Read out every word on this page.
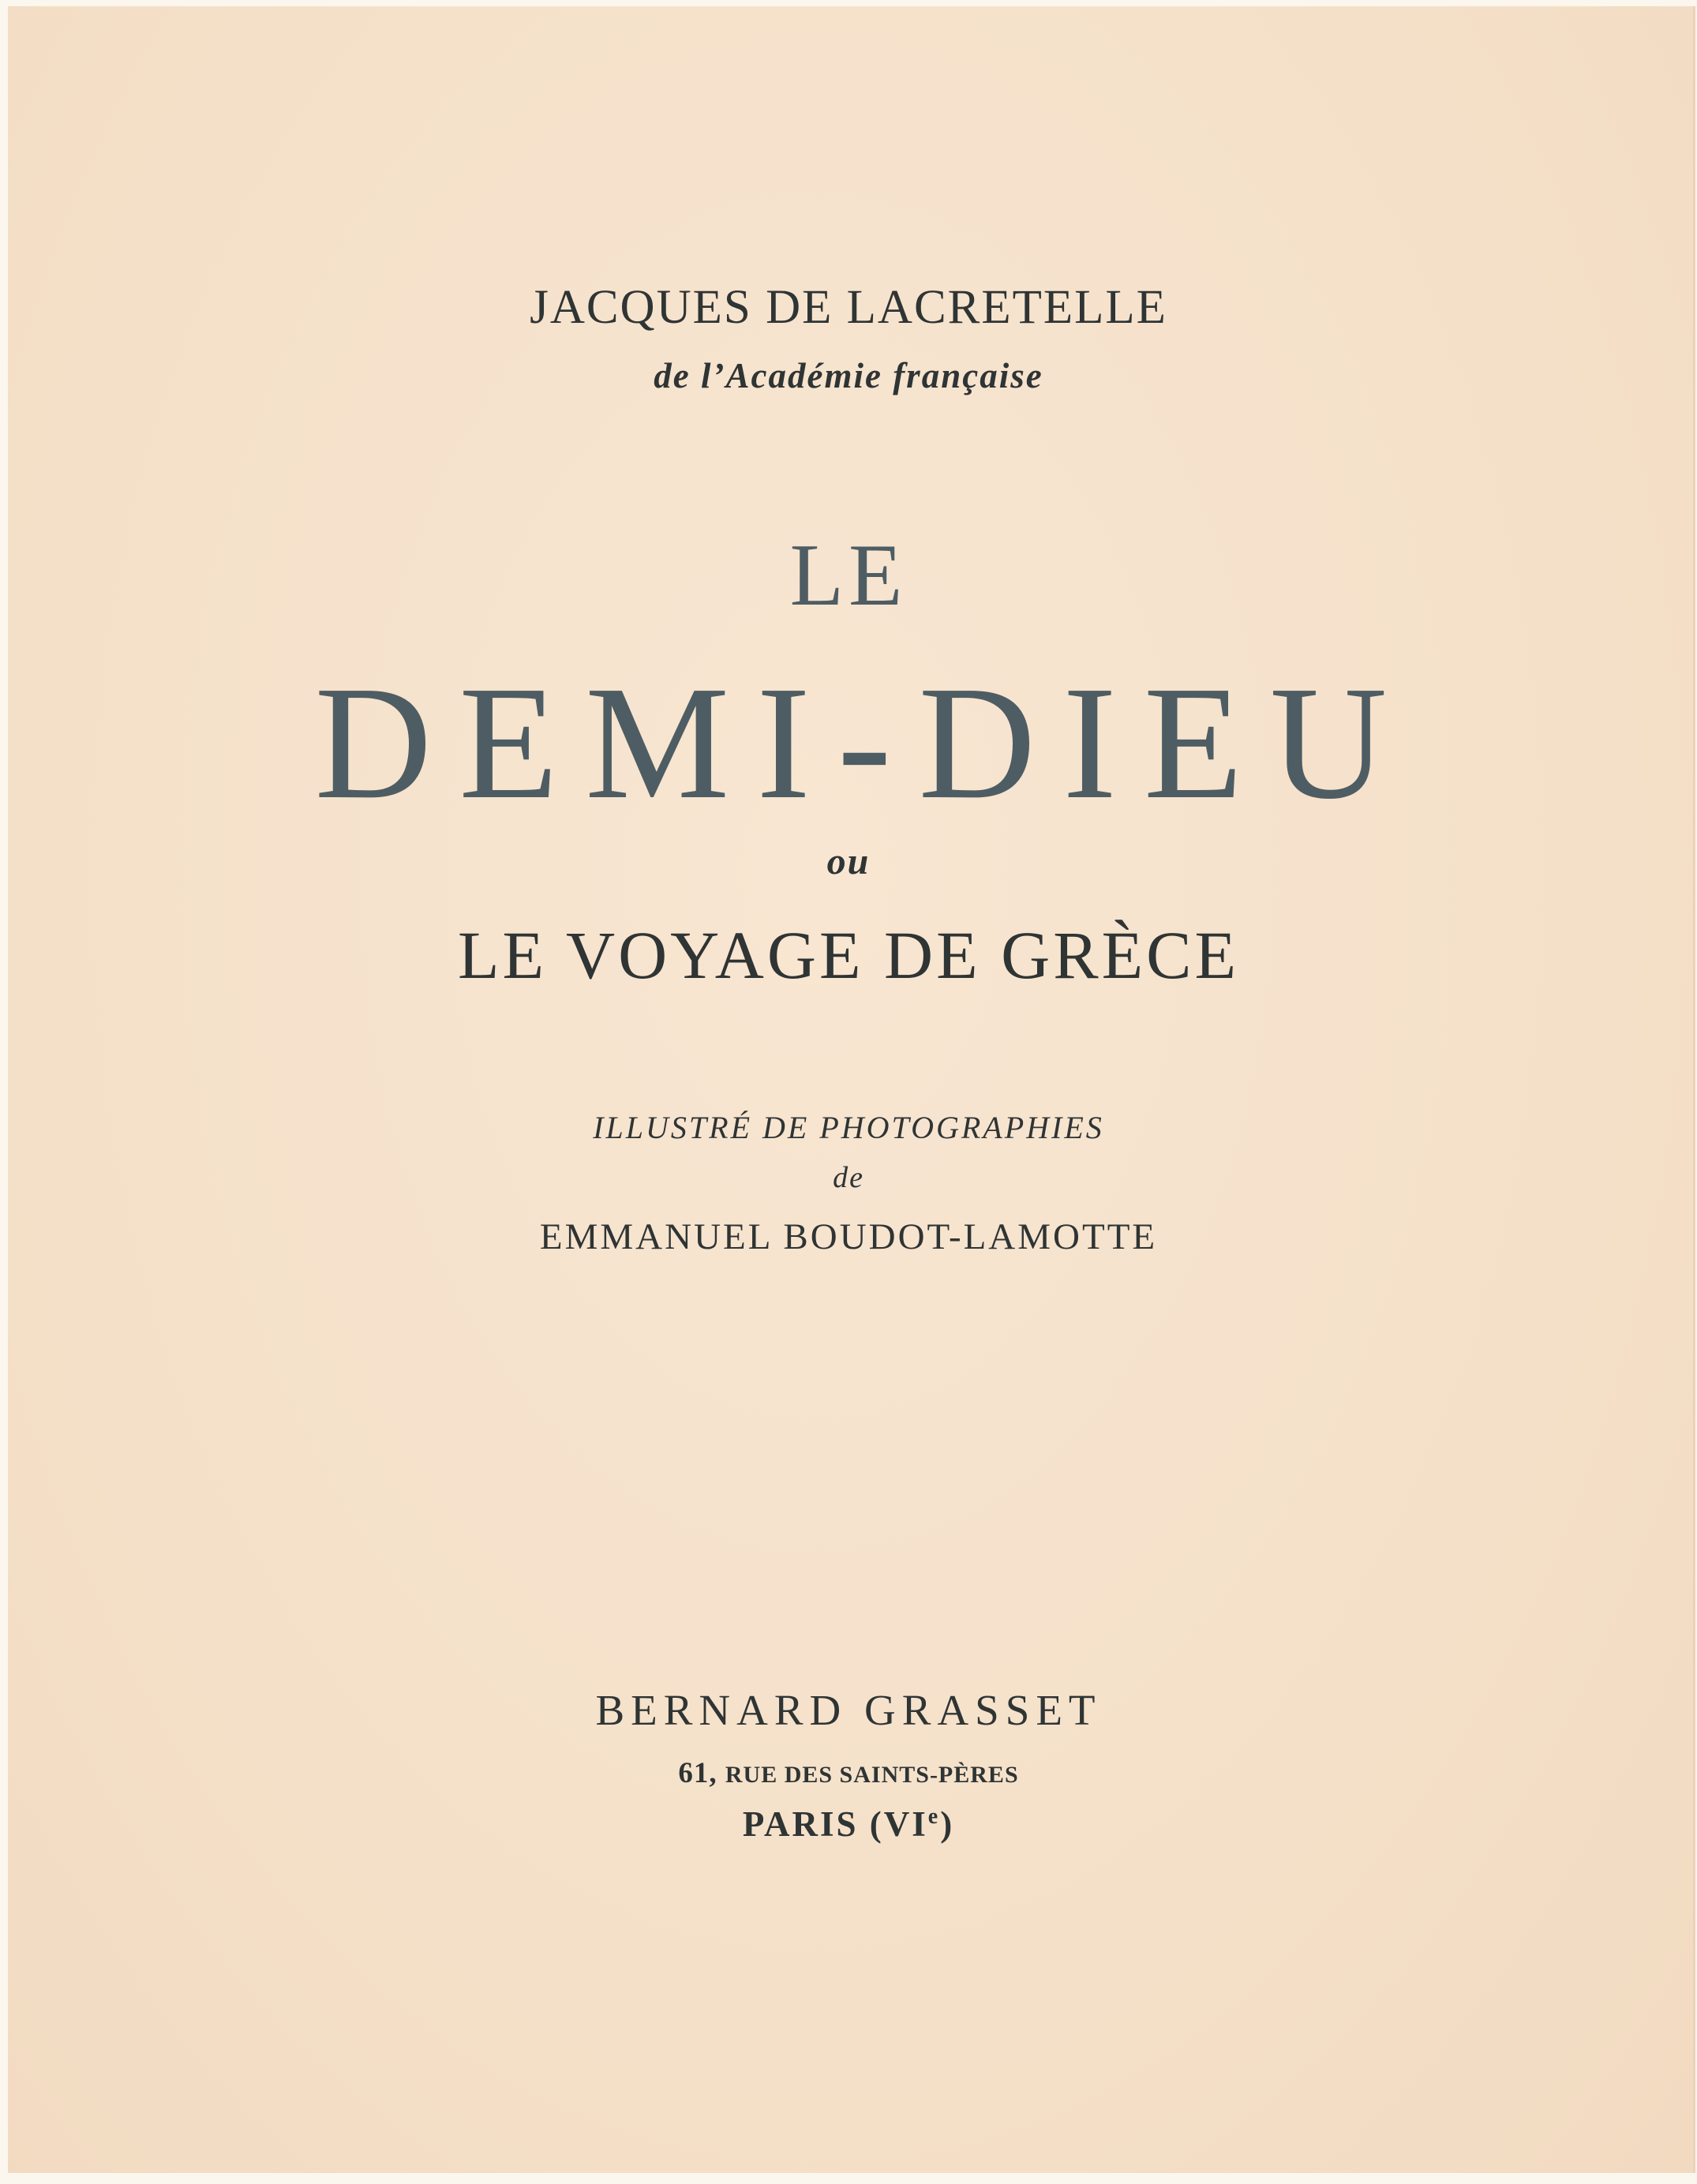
JACQUES DE LACRETELLE

de l’Académie française

LE

DEMI-DIEU

ou

LE VOYAGE DE GRÈCE

ILLUSTRÉ DE PHOTOGRAPHIES

de

EMMANUEL BOUDOT-LAMOTTE

BERNARD GRASSET

61, RUE DES SAINTS-PÈRES

PARIS (VIe)
